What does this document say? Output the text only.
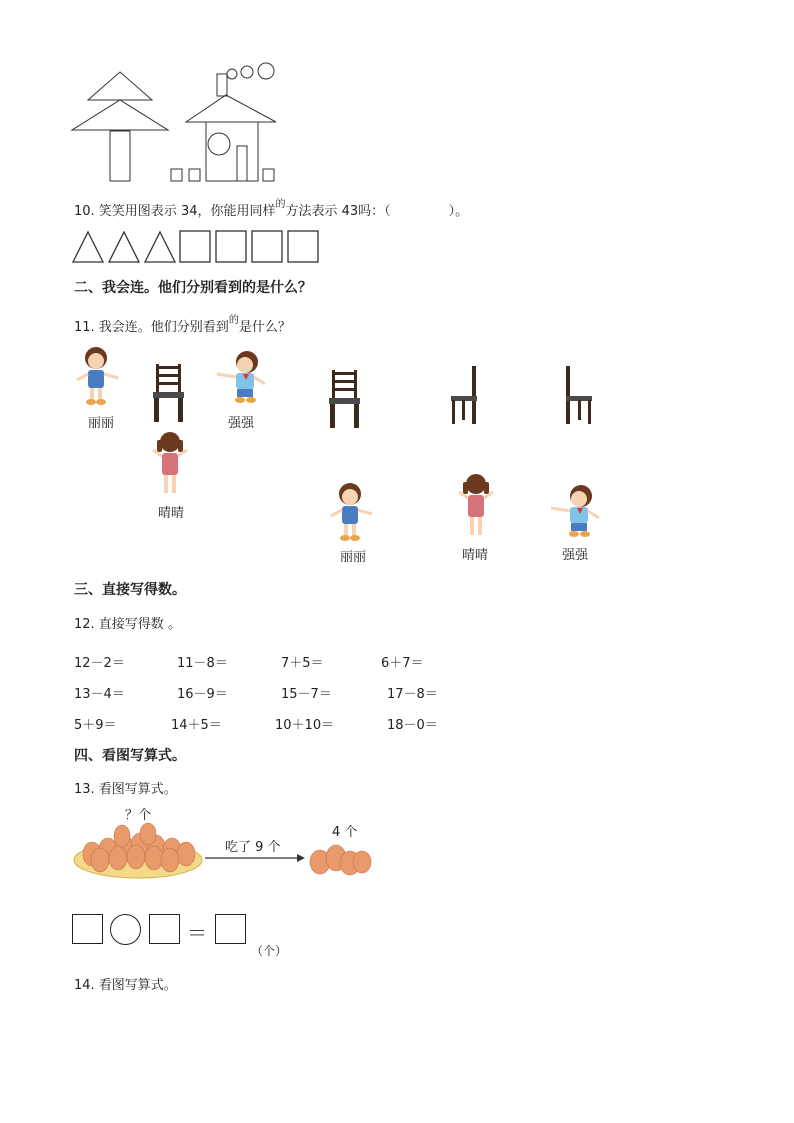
10. 笑笑用图表示 34，你能用同样$^的$方法表示 43吗：（	）。
二、我会连。他们分别看到的是什么？
11. 我会连。他们分别看到$^的$是什么？
丽丽	强强
晴晴
丽丽	晴晴	强强
三、直接写得数。
12. 直接写得数 。
12－2＝	11－8＝	7＋5＝	6＋7＝
13－4＝	16－9＝	15－7＝	17－8＝
5＋9＝	14＋5＝	10＋10＝	18－0＝
四、看图写算式。
13. 看图写算式。
？个
吃了 9 个
4 个
＝
（个）
14. 看图写算式。
